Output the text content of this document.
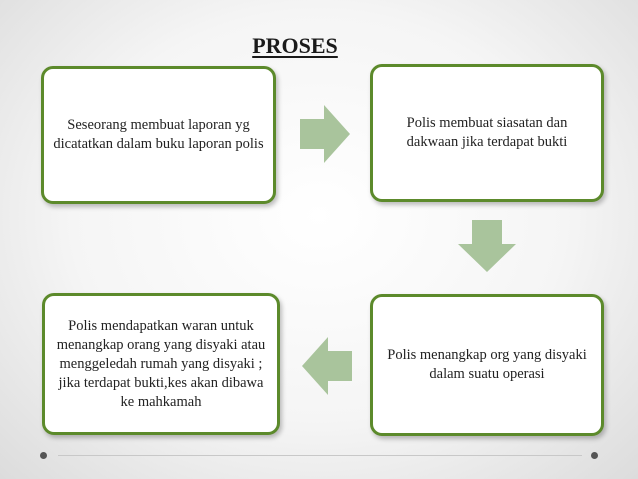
PROSES
Seseorang membuat laporan yg dicatatkan dalam buku laporan polis
Polis membuat siasatan dan dakwaan jika terdapat bukti
Polis menangkap org yang disyaki dalam suatu operasi
Polis mendapatkan waran untuk menangkap orang yang disyaki atau menggeledah rumah yang disyaki ; jika terdapat bukti,kes akan dibawa ke mahkamah
